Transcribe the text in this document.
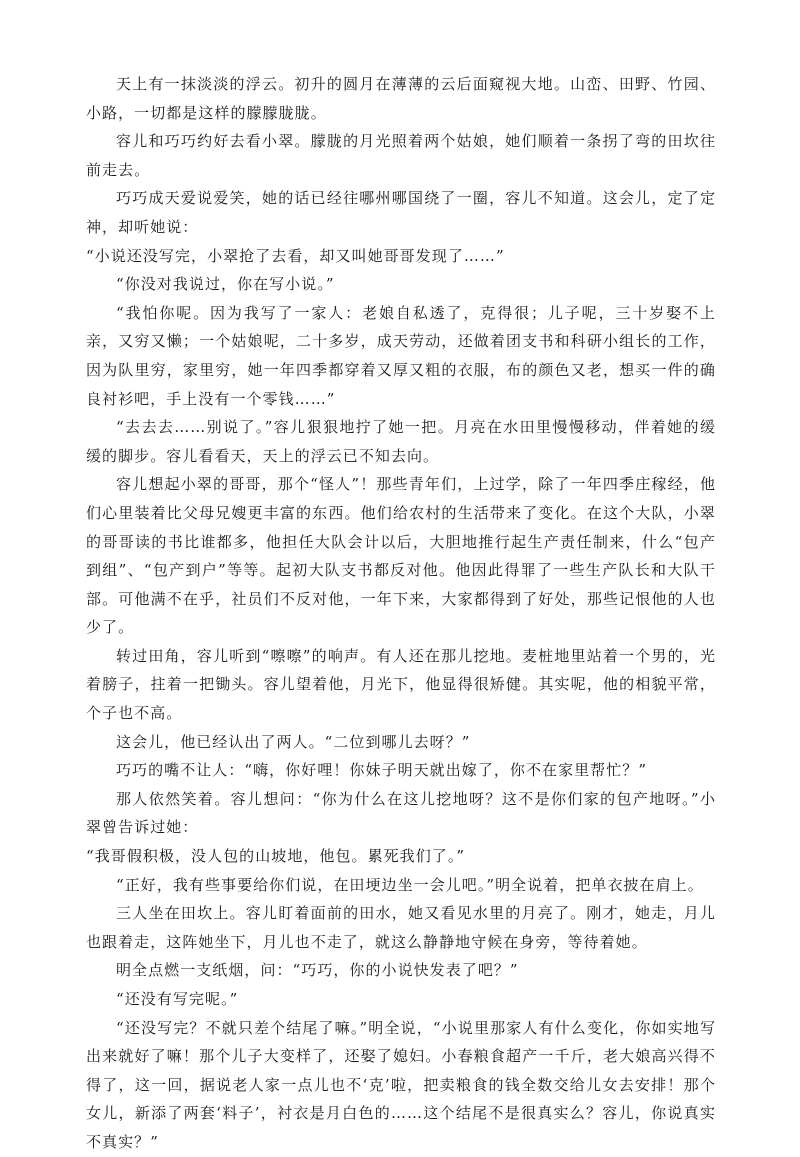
天上有一抹淡淡的浮云。初升的圆月在薄薄的云后面窥视大地。山峦、田野、竹园、小路，一切都是这样的朦朦胧胧。

容儿和巧巧约好去看小翠。朦胧的月光照着两个姑娘，她们顺着一条拐了弯的田坎往前走去。

巧巧成天爱说爱笑，她的话已经往哪州哪国绕了一圈，容儿不知道。这会儿，定了定神，却听她说：

“小说还没写完，小翠抢了去看，却又叫她哥哥发现了……”

“你没对我说过，你在写小说。”

“我怕你呢。因为我写了一家人：老娘自私透了，克得很；儿子呢，三十岁娶不上亲，又穷又懒；一个姑娘呢，二十多岁，成天劳动，还做着团支书和科研小组长的工作，因为队里穷，家里穷，她一年四季都穿着又厚又粗的衣服，布的颜色又老，想买一件的确良衬衫吧，手上没有一个零钱……”

“去去去……别说了。”容儿狠狠地拧了她一把。月亮在水田里慢慢移动，伴着她的缓缓的脚步。容儿看看天，天上的浮云已不知去向。

容儿想起小翠的哥哥，那个“怪人”！那些青年们，上过学，除了一年四季庄稼经，他们心里装着比父母兄嫂更丰富的东西。他们给农村的生活带来了变化。在这个大队，小翠的哥哥读的书比谁都多，他担任大队会计以后，大胆地推行起生产责任制来，什么“包产到组”、“包产到户”等等。起初大队支书都反对他。他因此得罪了一些生产队长和大队干部。可他满不在乎，社员们不反对他，一年下来，大家都得到了好处，那些记恨他的人也少了。

转过田角，容儿听到“嚓嚓”的响声。有人还在那儿挖地。麦桩地里站着一个男的，光着膀子，拄着一把锄头。容儿望着他，月光下，他显得很矫健。其实呢，他的相貌平常，个子也不高。

这会儿，他已经认出了两人。“二位到哪儿去呀？”

巧巧的嘴不让人：“嗨，你好哩！你妹子明天就出嫁了，你不在家里帮忙？”

那人依然笑着。容儿想问：“你为什么在这儿挖地呀？这不是你们家的包产地呀。”小翠曾告诉过她：

“我哥假积极，没人包的山坡地，他包。累死我们了。”

“正好，我有些事要给你们说，在田埂边坐一会儿吧。”明全说着，把单衣披在肩上。

三人坐在田坎上。容儿盯着面前的田水，她又看见水里的月亮了。刚才，她走，月儿也跟着走，这阵她坐下，月儿也不走了，就这么静静地守候在身旁，等待着她。

明全点燃一支纸烟，问：“巧巧，你的小说快发表了吧？”

“还没有写完呢。”

“还没写完？不就只差个结尾了嘛。”明全说，“小说里那家人有什么变化，你如实地写出来就好了嘛！那个儿子大变样了，还娶了媳妇。小春粮食超产一千斤，老大娘高兴得不得了，这一回，据说老人家一点儿也不‘克’啦，把卖粮食的钱全数交给儿女去安排！那个女儿，新添了两套‘料子’，衬衣是月白色的……这个结尾不是很真实么？容儿，你说真实不真实？”
